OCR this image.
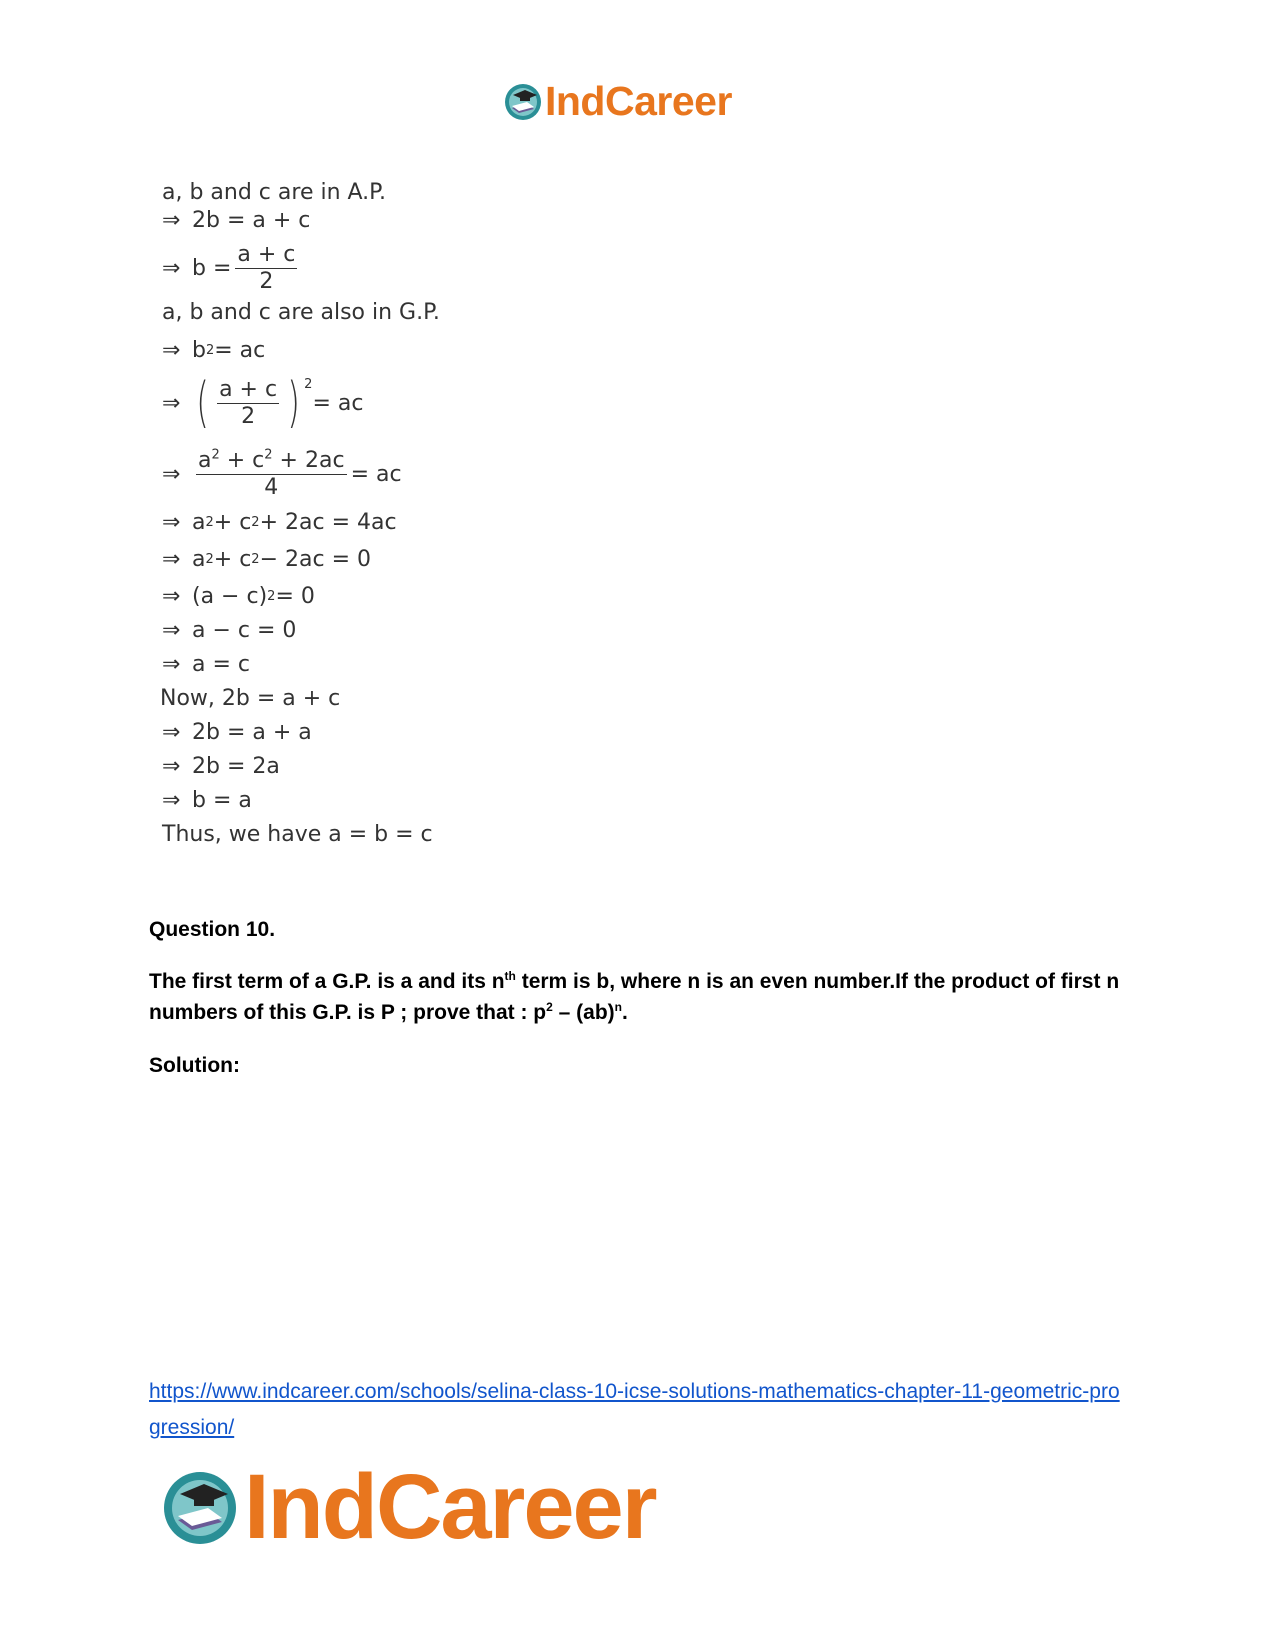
IndCareer
a, b and c are in A.P.
⇒ 2b = a + c
⇒ $b = \frac{a + c}{2}$
a, b and c are also in G.P.
⇒ b 2 = ac
⇒ ( $\frac{a + c}{2}$ ) $^2$
= ac
⇒ $\frac{a^2 + c^2 + 2ac}{4}$ = ac
⇒ a 2 + c 2 + 2ac = 4ac
⇒ a 2 + c 2 − 2ac = 0
⇒ (a − c) 2 = 0
⇒ a − c = 0
⇒ a = c
Now, 2b = a + c
⇒ 2b = a + a
⇒ 2b = 2a
⇒ b = a
Thus, we have a = b = c
Question 10.
The first term of a G.P. is a and its $n^{th}$ term is b, where n is an even number.If the product of first n numbers of this G.P. is P ; prove that : $p^2 - (ab)^n$.
Solution:
https://www.indcareer.com/schools/selina-class-10-icse-solutions-mathematics-chapter-11-geometric-progression/
IndCareer
